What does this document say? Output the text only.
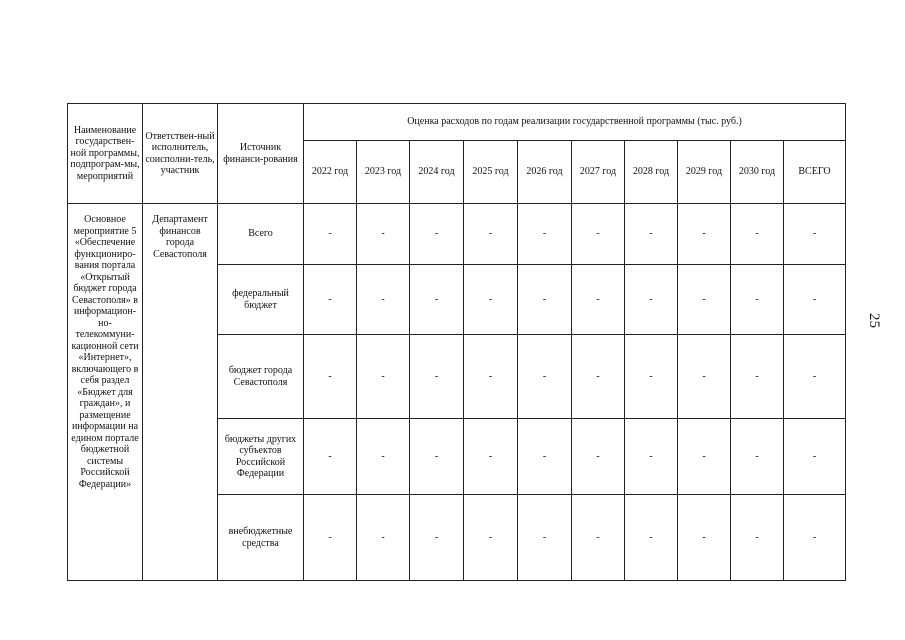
Наименование государствен-ной программы, подпрограм-мы, мероприятий	Ответствен-ный исполнитель, соисполни-тель, участник	Источник финанси-рования	Оценка расходов по годам реализации государственной программы (тыс. руб.)									
			2022 год	2023 год	2024 год	2025 год	2026 год	2027 год	2028 год	2029 год	2030 год	ВСЕГО
Основное мероприятие 5 «Обеспечение функциониро-вания портала «Открытый бюджет города Севастополя» в информацион-но-телекоммуни-кационной сети «Интернет», включающего в себя раздел «Бюджет для граждан», и размещение информации на едином портале бюджетной системы Российской Федерации»	Департамент финансов города Севастополя	Всего	-	-	-	-	-	-	-	-	-	-
		федеральный бюджет	-	-	-	-	-	-	-	-	-	-
		бюджет города Севастополя	-	-	-	-	-	-	-	-	-	-
		бюджеты других субъектов Российской Федерации	-	-	-	-	-	-	-	-	-	-
		внебюджетные средства	-	-	-	-	-	-	-	-	-	-
25
